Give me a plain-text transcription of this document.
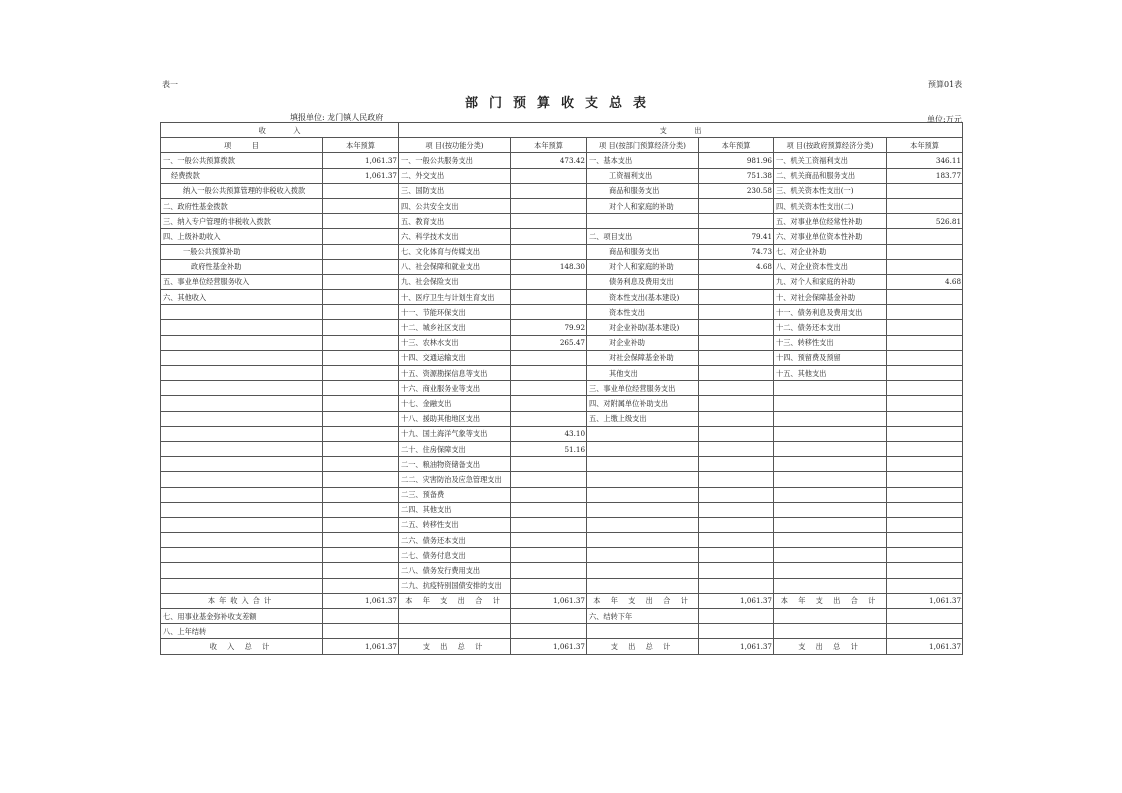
表一	预算01表
部门预算收支总表
填报单位: 龙门镇人民政府	单位:万元
收            入		支            出					
项         目	本年预算	项 目(按功能分类)	本年预算	项 目(按部门预算经济分类)	本年预算	项 目(按政府预算经济分类)	本年预算
一、一般公共预算拨款	1,061.37	一、一般公共服务支出	473.42	一、基本支出	981.96	一、机关工资福利支出	346.11
经费拨款	1,061.37	二、外交支出		工资福利支出	751.38	二、机关商品和服务支出	183.77
纳入一般公共预算管理的非税收入拨款		三、国防支出		商品和服务支出	230.58	三、机关资本性支出(一)	
二、政府性基金拨款		四、公共安全支出		对个人和家庭的补助		四、机关资本性支出(二)	
三、纳入专户管理的非税收入拨款		五、教育支出				五、对事业单位经常性补助	526.81
四、上级补助收入		六、科学技术支出		二、项目支出	79.41	六、对事业单位资本性补助	
一般公共预算补助		七、文化体育与传媒支出		商品和服务支出	74.73	七、对企业补助	
政府性基金补助		八、社会保障和就业支出	148.30	对个人和家庭的补助	4.68	八、对企业资本性支出	
五、事业单位经营服务收入		九、社会保险支出		债务利息及费用支出		九、对个人和家庭的补助	4.68
六、其他收入		十、医疗卫生与计划生育支出		资本性支出(基本建设)		十、对社会保障基金补助	
		十一、节能环保支出		资本性支出		十一、债务利息及费用支出	
		十二、城乡社区支出	79.92	对企业补助(基本建设)		十二、债务还本支出	
		十三、农林水支出	265.47	对企业补助		十三、转移性支出	
		十四、交通运输支出		对社会保障基金补助		十四、预留费及预留	
		十五、资源勘探信息等支出		其他支出		十五、其他支出	
		十六、商业服务业等支出		三、事业单位经营服务支出			
		十七、金融支出		四、对附属单位补助支出			
		十八、援助其他地区支出		五、上缴上级支出			
		十九、国土海洋气象等支出	43.10				
		二十、住房保障支出	51.16				
		二一、粮油物资储备支出					
		二二、灾害防治及应急管理支出					
		二三、预备费					
		二四、其他支出					
		二五、转移性支出					
		二六、债务还本支出					
		二七、债务付息支出					
		二八、债务发行费用支出					
		二九、抗疫特别国债安排的支出					
本年收入合计	1,061.37	本 年 支 出 合 计	1,061.37	本 年 支 出 合 计	1,061.37	本 年 支 出 合 计	1,061.37
七、用事业基金弥补收支差额				六、结转下年			
八、上年结转							
收 入 总 计	1,061.37	支 出 总 计	1,061.37	支 出 总 计	1,061.37	支 出 总 计	1,061.37
